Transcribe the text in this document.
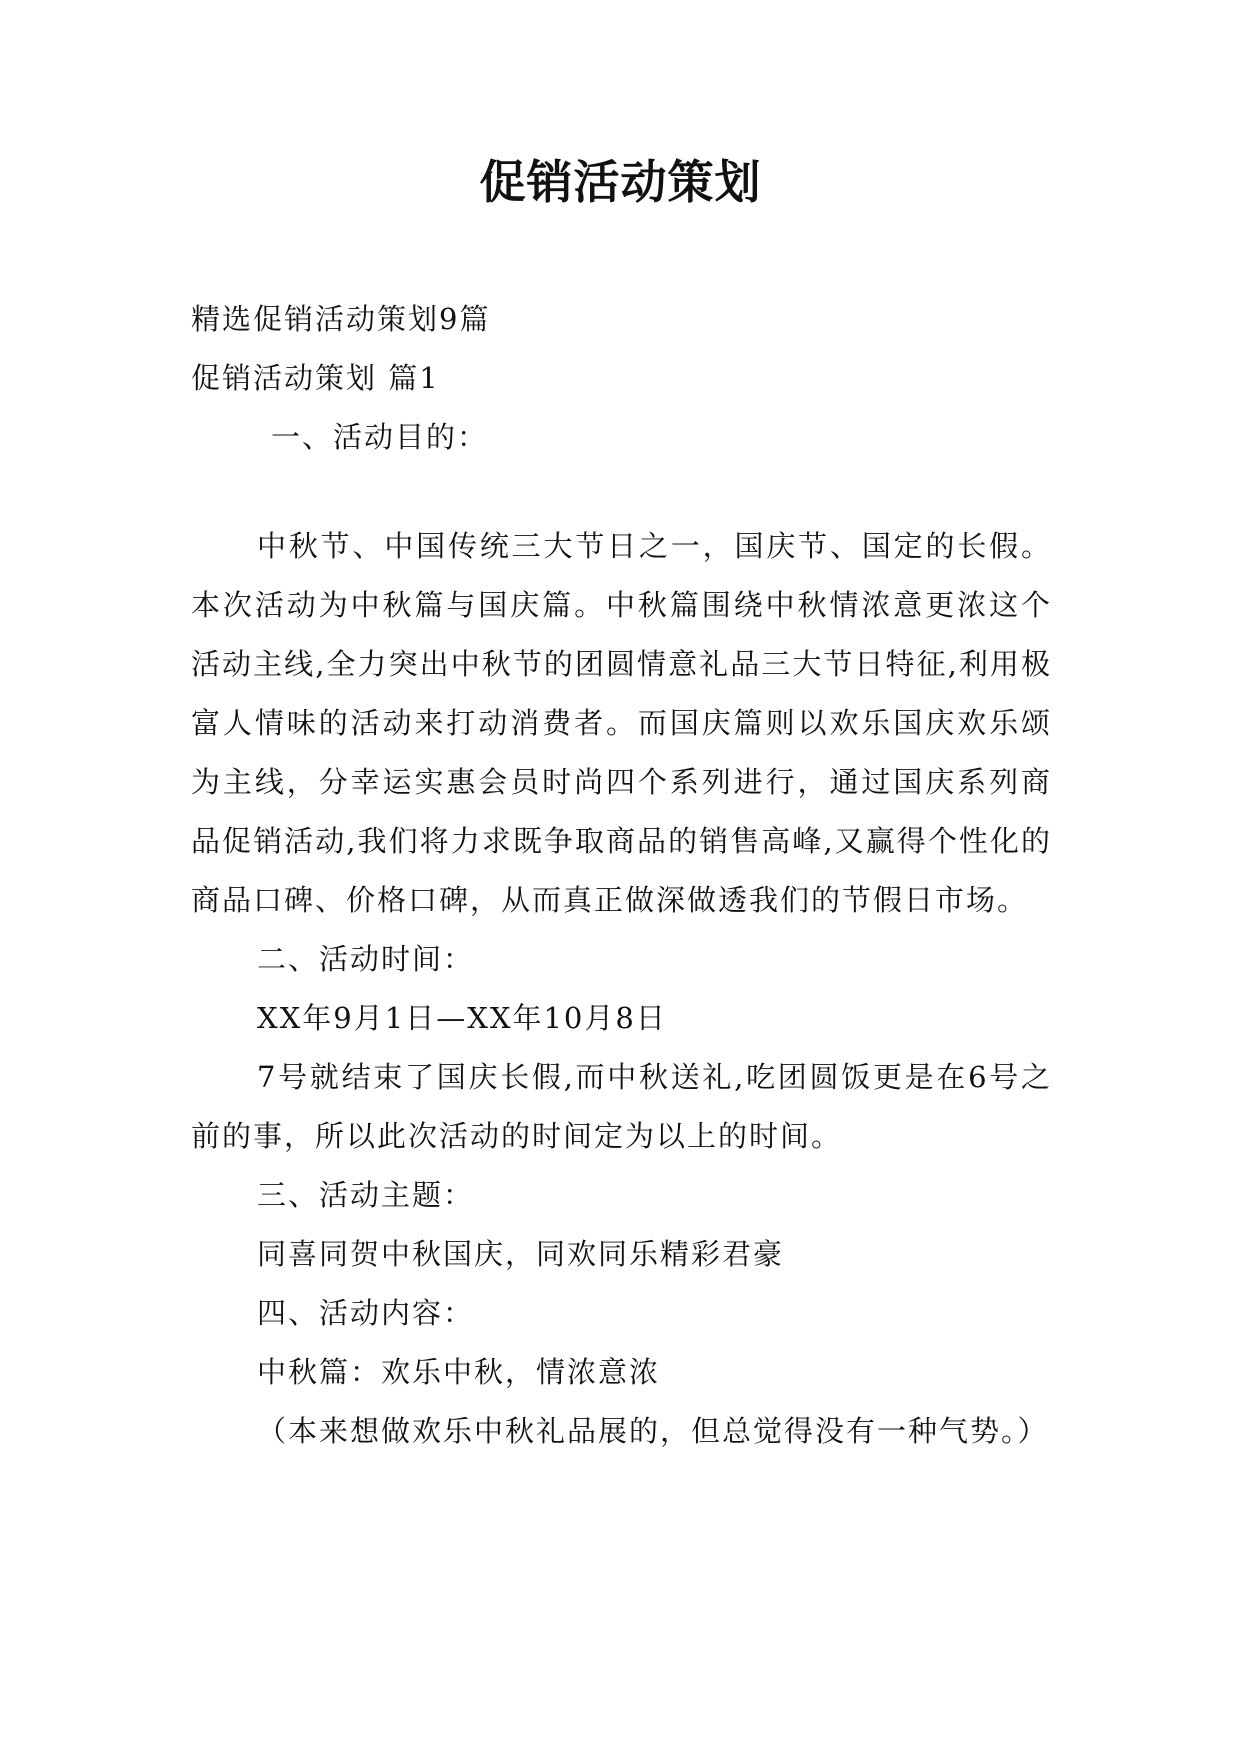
促销活动策划

精选促销活动策划9篇

促销活动策划 篇1

一、活动目的：

中秋节、中国传统三大节日之一，国庆节、国定的长假。本次活动为中秋篇与国庆篇。中秋篇围绕中秋情浓意更浓这个活动主线,全力突出中秋节的团圆情意礼品三大节日特征,利用极富人情味的活动来打动消费者。而国庆篇则以欢乐国庆欢乐颂为主线，分幸运实惠会员时尚四个系列进行，通过国庆系列商品促销活动,我们将力求既争取商品的销售高峰,又赢得个性化的商品口碑、价格口碑，从而真正做深做透我们的节假日市场。

二、活动时间：

XX年9月1日—XX年10月8日

7号就结束了国庆长假,而中秋送礼,吃团圆饭更是在6号之前的事，所以此次活动的时间定为以上的时间。

三、活动主题：

同喜同贺中秋国庆，同欢同乐精彩君豪

四、活动内容：

中秋篇：欢乐中秋，情浓意浓

（本来想做欢乐中秋礼品展的，但总觉得没有一种气势。）
